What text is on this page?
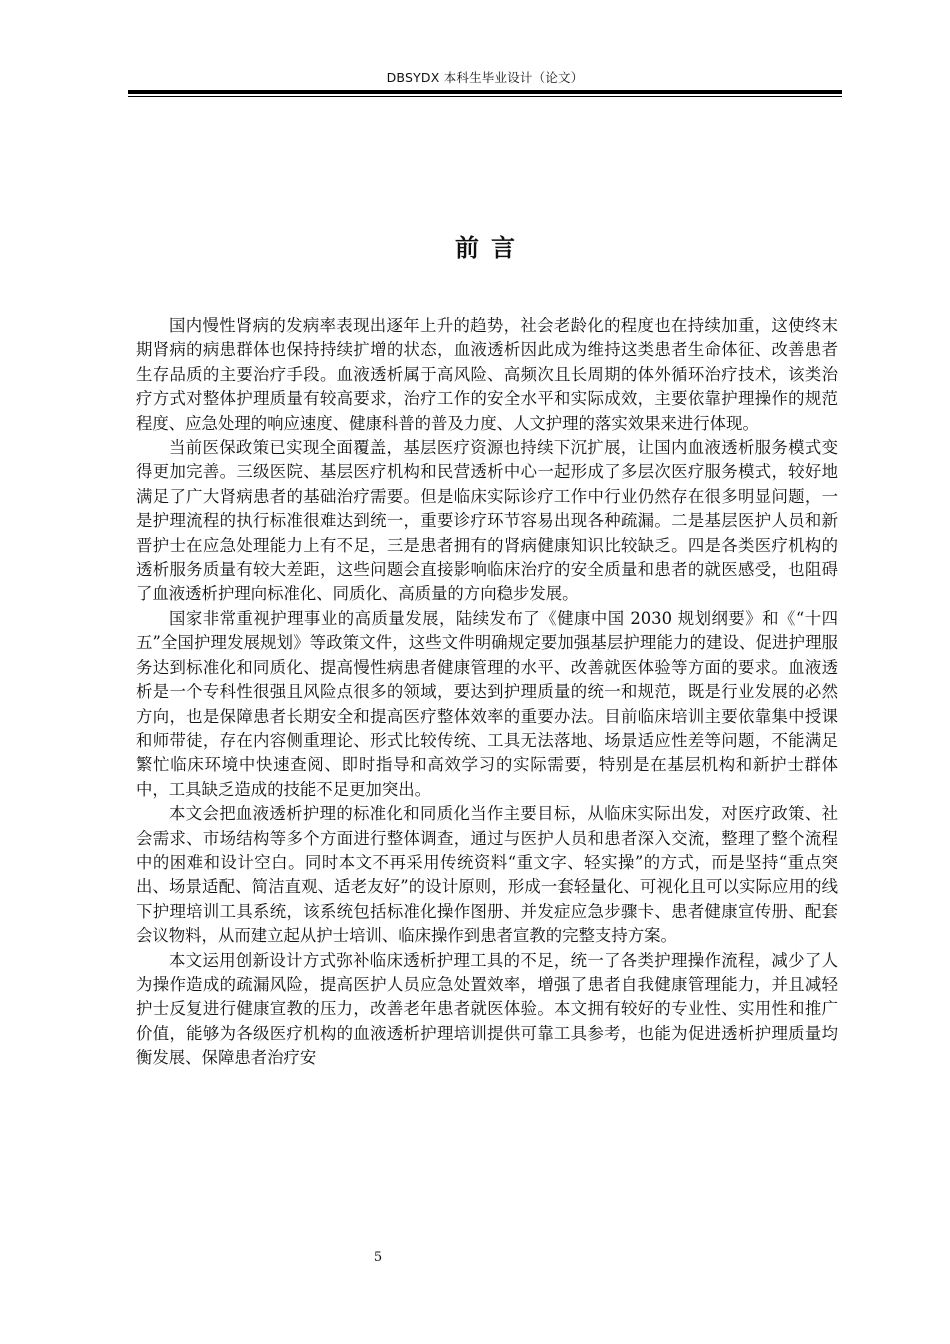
DBSYDX 本科生毕业设计（论文）
前言

国内慢性肾病的发病率表现出逐年上升的趋势，社会老龄化的程度也在持续加重，这使终末期肾病的病患群体也保持持续扩增的状态，血液透析因此成为维持这类患者生命体征、改善患者生存品质的主要治疗手段。血液透析属于高风险、高频次且长周期的体外循环治疗技术，该类治疗方式对整体护理质量有较高要求，治疗工作的安全水平和实际成效，主要依靠护理操作的规范程度、应急处理的响应速度、健康科普的普及力度、人文护理的落实效果来进行体现。

当前医保政策已实现全面覆盖，基层医疗资源也持续下沉扩展，让国内血液透析服务模式变得更加完善。三级医院、基层医疗机构和民营透析中心一起形成了多层次医疗服务模式，较好地满足了广大肾病患者的基础治疗需要。但是临床实际诊疗工作中行业仍然存在很多明显问题，一是护理流程的执行标准很难达到统一，重要诊疗环节容易出现各种疏漏。二是基层医护人员和新晋护士在应急处理能力上有不足，三是患者拥有的肾病健康知识比较缺乏。四是各类医疗机构的透析服务质量有较大差距，这些问题会直接影响临床治疗的安全质量和患者的就医感受，也阻碍了血液透析护理向标准化、同质化、高质量的方向稳步发展。

国家非常重视护理事业的高质量发展，陆续发布了《健康中国 2030 规划纲要》和《“十四五”全国护理发展规划》等政策文件，这些文件明确规定要加强基层护理能力的建设、促进护理服务达到标准化和同质化、提高慢性病患者健康管理的水平、改善就医体验等方面的要求。血液透析是一个专科性很强且风险点很多的领域，要达到护理质量的统一和规范，既是行业发展的必然方向，也是保障患者长期安全和提高医疗整体效率的重要办法。目前临床培训主要依靠集中授课和师带徒，存在内容侧重理论、形式比较传统、工具无法落地、场景适应性差等问题，不能满足繁忙临床环境中快速查阅、即时指导和高效学习的实际需要，特别是在基层机构和新护士群体中，工具缺乏造成的技能不足更加突出。

本文会把血液透析护理的标准化和同质化当作主要目标，从临床实际出发，对医疗政策、社会需求、市场结构等多个方面进行整体调查，通过与医护人员和患者深入交流，整理了整个流程中的困难和设计空白。同时本文不再采用传统资料“重文字、轻实操”的方式，而是坚持“重点突出、场景适配、简洁直观、适老友好”的设计原则，形成一套轻量化、可视化且可以实际应用的线下护理培训工具系统，该系统包括标准化操作图册、并发症应急步骤卡、患者健康宣传册、配套会议物料，从而建立起从护士培训、临床操作到患者宣教的完整支持方案。

本文运用创新设计方式弥补临床透析护理工具的不足，统一了各类护理操作流程，减少了人为操作造成的疏漏风险，提高医护人员应急处置效率，增强了患者自我健康管理能力，并且减轻护士反复进行健康宣教的压力，改善老年患者就医体验。本文拥有较好的专业性、实用性和推广价值，能够为各级医疗机构的血液透析护理培训提供可靠工具参考，也能为促进透析护理质量均衡发展、保障患者治疗安

5
